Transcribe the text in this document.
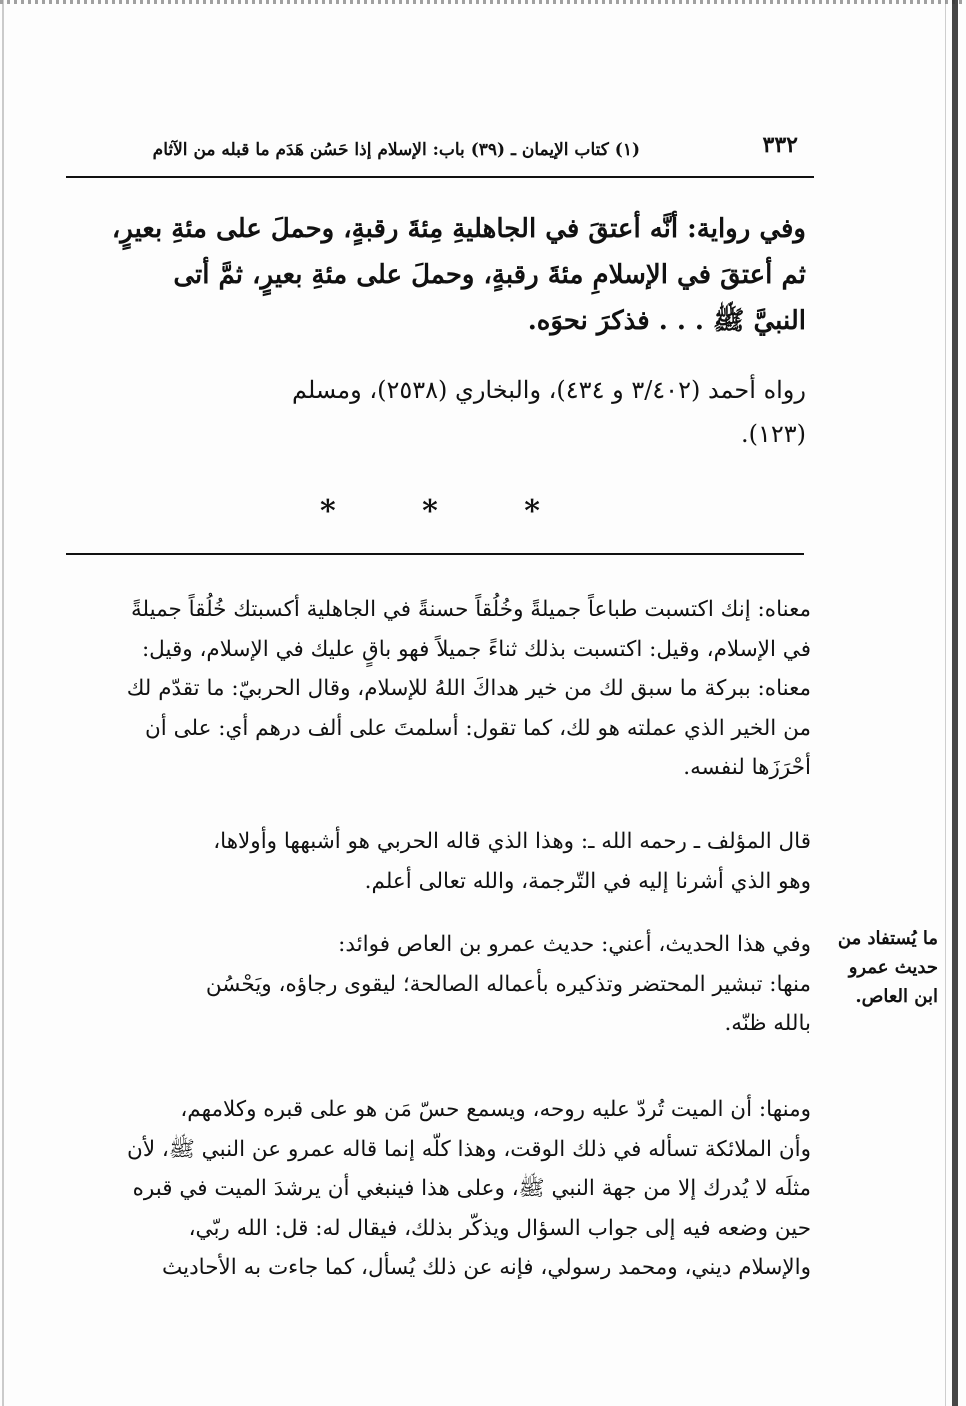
٣٣٢
(١) كتاب الإيمان ـ (٣٩) باب: الإسلام إذا حَسُن هَدَم ما قبله من الآثام

وفي رواية: أنَّه أعتقَ في الجاهليةِ مِئةَ رقبةٍ، وحملَ على مئةِ بعيرٍ،

ثم أعتقَ في الإسلامِ مئةَ رقبةٍ، وحملَ على مئةِ بعيرٍ، ثمَّ أتى

النبيَّ ﷺ . . . فذكرَ نحوَه.

رواه أحمد (٣/٤٠٢ و ٤٣٤)، والبخاري (٢٥٣٨)، ومسلم

(١٢٣).

*	*	*

معناه: إنك اكتسبت طباعاً جميلةً وخُلُقاً حسنةً في الجاهلية أكسبتك خُلُقاً جميلةً

في الإسلام، وقيل: اكتسبت بذلك ثناءً جميلاً فهو باقٍ عليك في الإسلام، وقيل:

معناه: ببركة ما سبق لك من خير هداكَ اللهُ للإسلام، وقال الحربيّ: ما تقدّم لك

من الخير الذي عملته هو لك، كما تقول: أسلمتَ على ألف درهم أي: على أن

أحْرَزَها لنفسه.

قال المؤلف ـ رحمه الله ـ: وهذا الذي قاله الحربي هو أشبهها وأولاها،

وهو الذي أشرنا إليه في التّرجمة، والله تعالى أعلم.

وفي هذا الحديث، أعني: حديث عمرو بن العاص فوائد:

منها: تبشير المحتضر وتذكيره بأعماله الصالحة؛ ليقوى رجاؤه، ويَحْسُن

بالله ظنّه.

ما يُستفاد من
حديث عمرو
ابن العاص.

ومنها: أن الميت تُردّ عليه روحه، ويسمع حسّ مَن هو على قبره وكلامهم،

وأن الملائكة تسأله في ذلك الوقت، وهذا كلّه إنما قاله عمرو عن النبي ﷺ، لأن

مثلَه لا يُدرك إلا من جهة النبي ﷺ، وعلى هذا فينبغي أن يرشدَ الميت في قبره

حين وضعه فيه إلى جواب السؤال ويذكّر بذلك، فيقال له: قل: الله ربّي،

والإسلام ديني، ومحمد رسولي، فإنه عن ذلك يُسأل، كما جاءت به الأحاديث
